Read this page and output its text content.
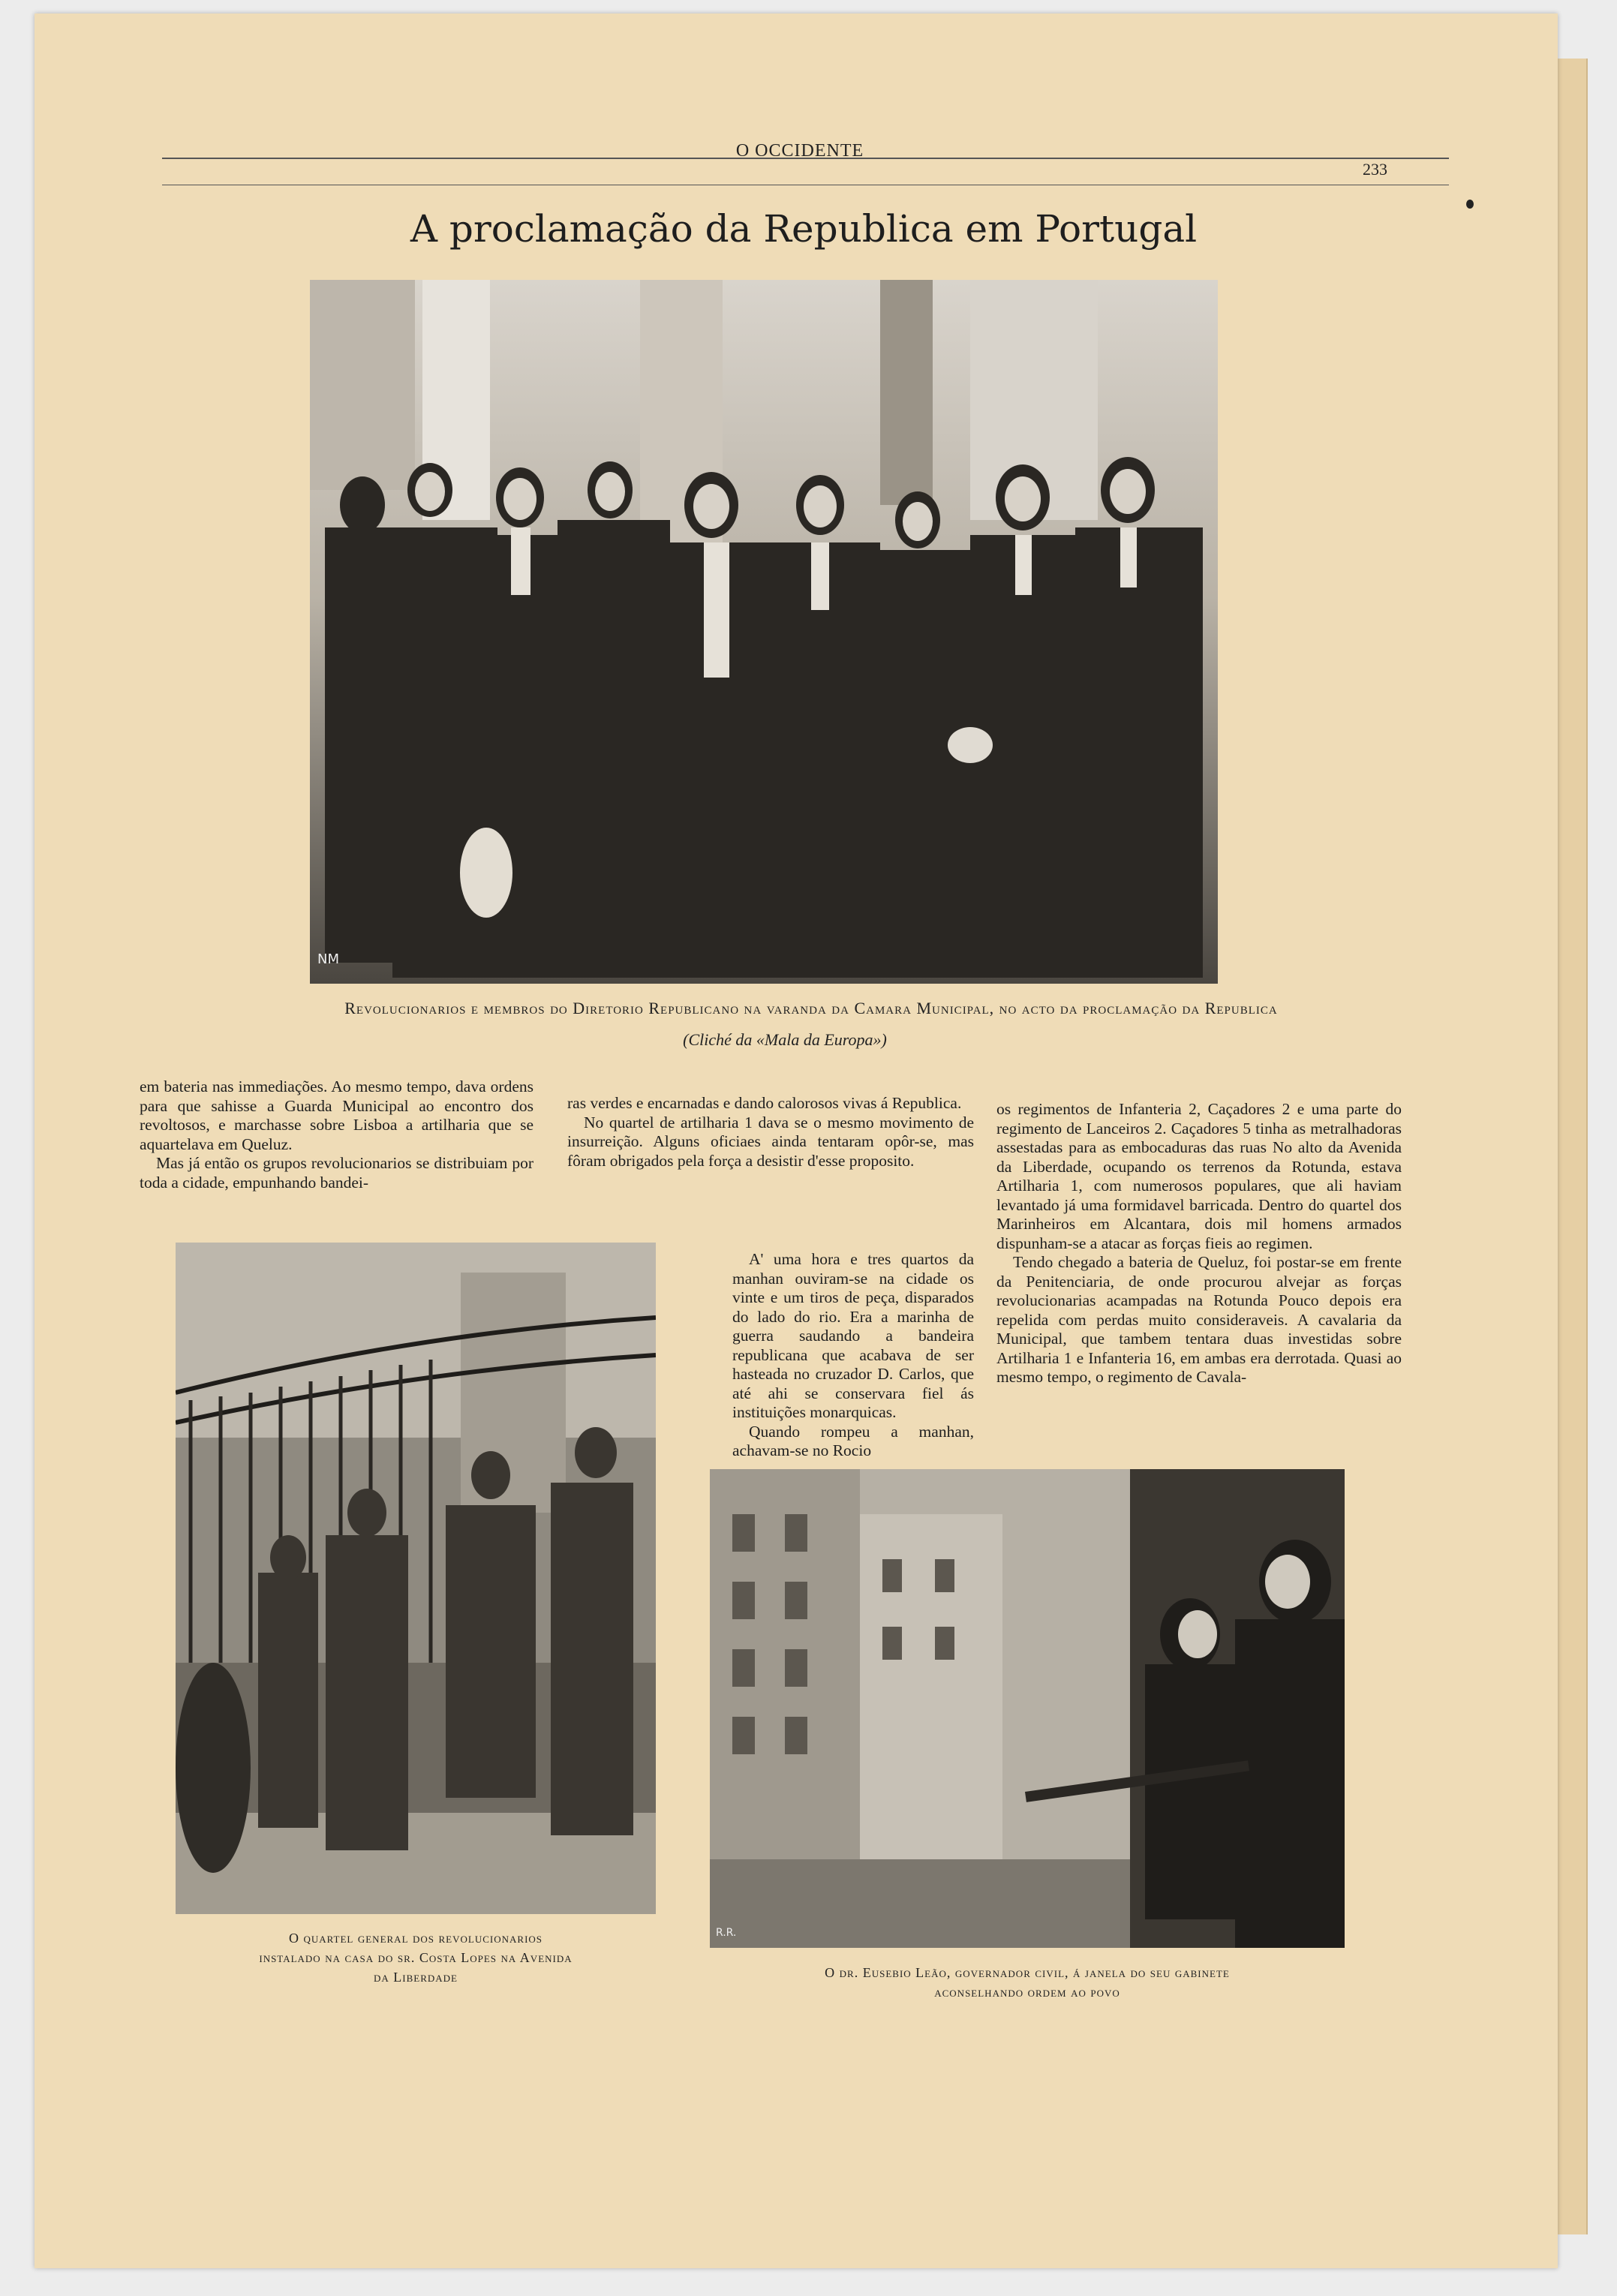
O OCCIDENTE
233
A proclamação da Republica em Portugal
NM
Revolucionarios e membros do Diretorio Republicano na varanda da Camara Municipal, no acto da proclamação da Republica
(Cliché da «Mala da Europa»)

em bateria nas immediações. Ao mesmo tempo, dava ordens para que sahisse a Guarda Municipal ao encontro dos revoltosos, e marchasse sobre Lisboa a artilharia que se aquartelava em Queluz.

Mas já então os grupos revolucionarios se distribuiam por toda a cidade, empunhando bandei-

ras verdes e encarnadas e dando calorosos vivas á Republica.

No quartel de artilharia 1 dava se o mesmo movimento de insurreição. Alguns oficiaes ainda tentaram opôr-se, mas fôram obrigados pela força a desistir d'esse proposito.

A' uma hora e tres quartos da manhan ouviram-se na cidade os vinte e um tiros de peça, disparados do lado do rio. Era a marinha de guerra saudando a bandeira republicana que acabava de ser hasteada no cruzador D. Carlos, que até ahi se conservara fiel ás instituições monarquicas.

Quando rompeu a manhan, achavam-se no Rocio

os regimentos de Infanteria 2, Caçadores 2 e uma parte do regimento de Lanceiros 2. Caçadores 5 tinha as metralhadoras assestadas para as embocaduras das ruas No alto da Avenida da Liberdade, ocupando os terrenos da Rotunda, estava Artilharia 1, com numerosos populares, que ali haviam levantado já uma formidavel barricada. Dentro do quartel dos Marinheiros em Alcantara, dois mil homens armados dispunham-se a atacar as forças fieis ao regimen.

Tendo chegado a bateria de Queluz, foi postar-se em frente da Penitenciaria, de onde procurou alvejar as forças revolucionarias acampadas na Rotunda Pouco depois era repelida com perdas muito consideraveis. A cavalaria da Municipal, que tambem tentara duas investidas sobre Artilharia 1 e Infanteria 16, em ambas era derrotada. Quasi ao mesmo tempo, o regimento de Cavala-

O quartel general dos revolucionarios
instalado na casa do sr. Costa Lopes na Avenida
da Liberdade
R.R.
O dr. Eusebio Leão, governador civil, á janela do seu gabinete
aconselhando ordem ao povo
